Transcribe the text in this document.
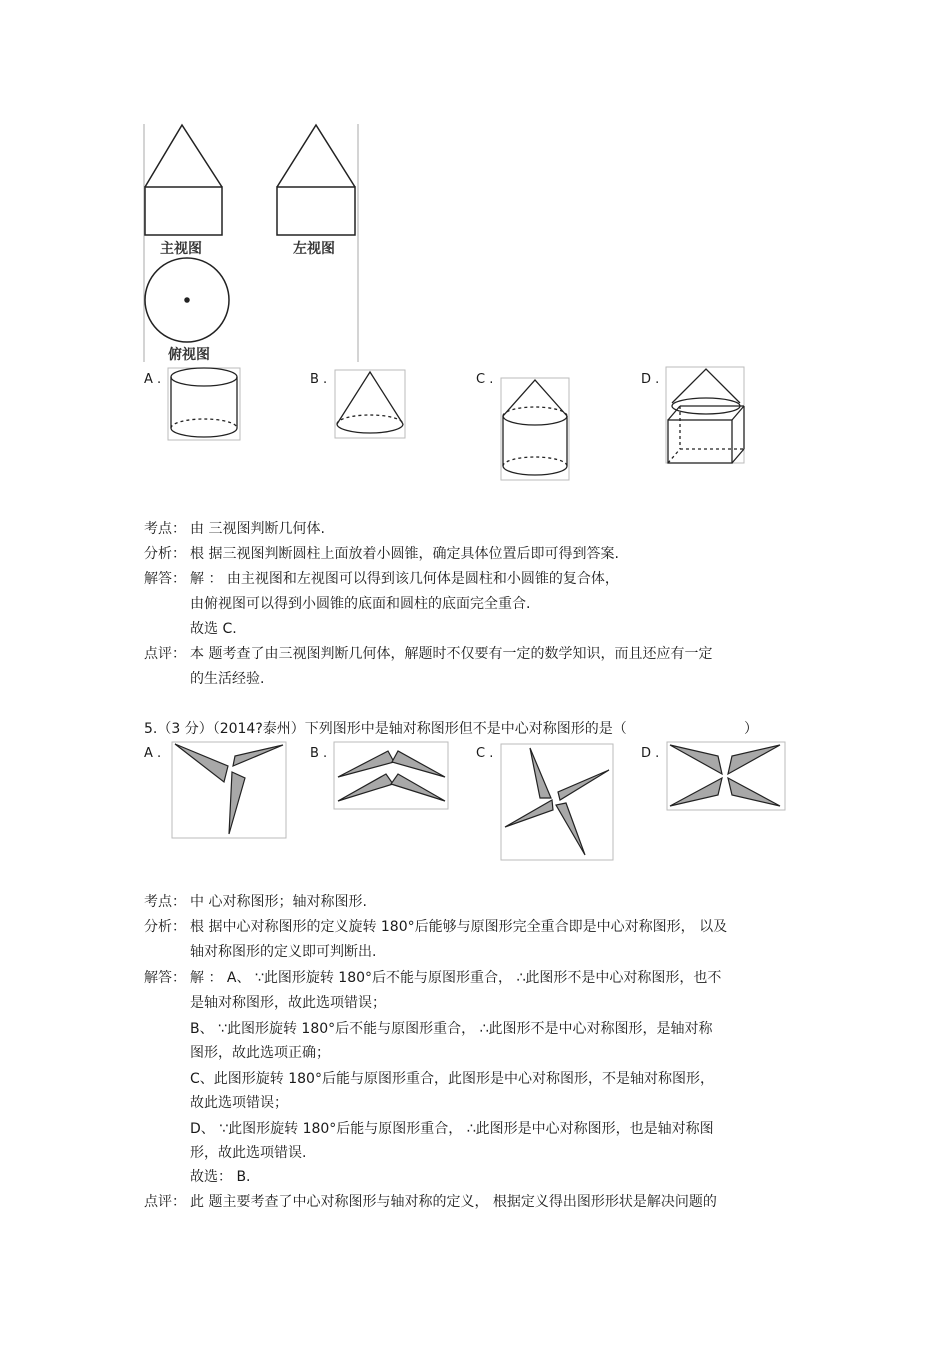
主视图	左视图
俯视图
A .	B .	C .	D .
考点： 由 三视图判断几何体.
分析： 根 据三视图判断圆柱上面放着小圆锥，确定具体位置后即可得到答案.
解答： 解 ： 由主视图和左视图可以得到该几何体是圆柱和小圆锥的复合体，
由俯视图可以得到小圆锥的底面和圆柱的底面完全重合.
故选 C.
点评： 本 题考查了由三视图判断几何体，解题时不仅要有一定的数学知识，而且还应有一定
的生活经验.
5.（3 分）（2014?泰州）下列图形中是轴对称图形但不是中心对称图形的是（	）
A .	B .	C .	D .
考点： 中 心对称图形；轴对称图形.
分析： 根 据中心对称图形的定义旋转 180°后能够与原图形完全重合即是中心对称图形， 以及
轴对称图形的定义即可判断出.
解答： 解 ： A、 ∵此图形旋转 180°后不能与原图形重合， ∴此图形不是中心对称图形，也不
是轴对称图形，故此选项错误；
B、 ∵此图形旋转 180°后不能与原图形重合， ∴此图形不是中心对称图形，是轴对称
图形，故此选项正确；
C、此图形旋转 180°后能与原图形重合，此图形是中心对称图形，不是轴对称图形，
故此选项错误；
D、 ∵此图形旋转 180°后能与原图形重合， ∴此图形是中心对称图形，也是轴对称图
形，故此选项错误.
故选： B.
点评： 此 题主要考查了中心对称图形与轴对称的定义， 根据定义得出图形形状是解决问题的
